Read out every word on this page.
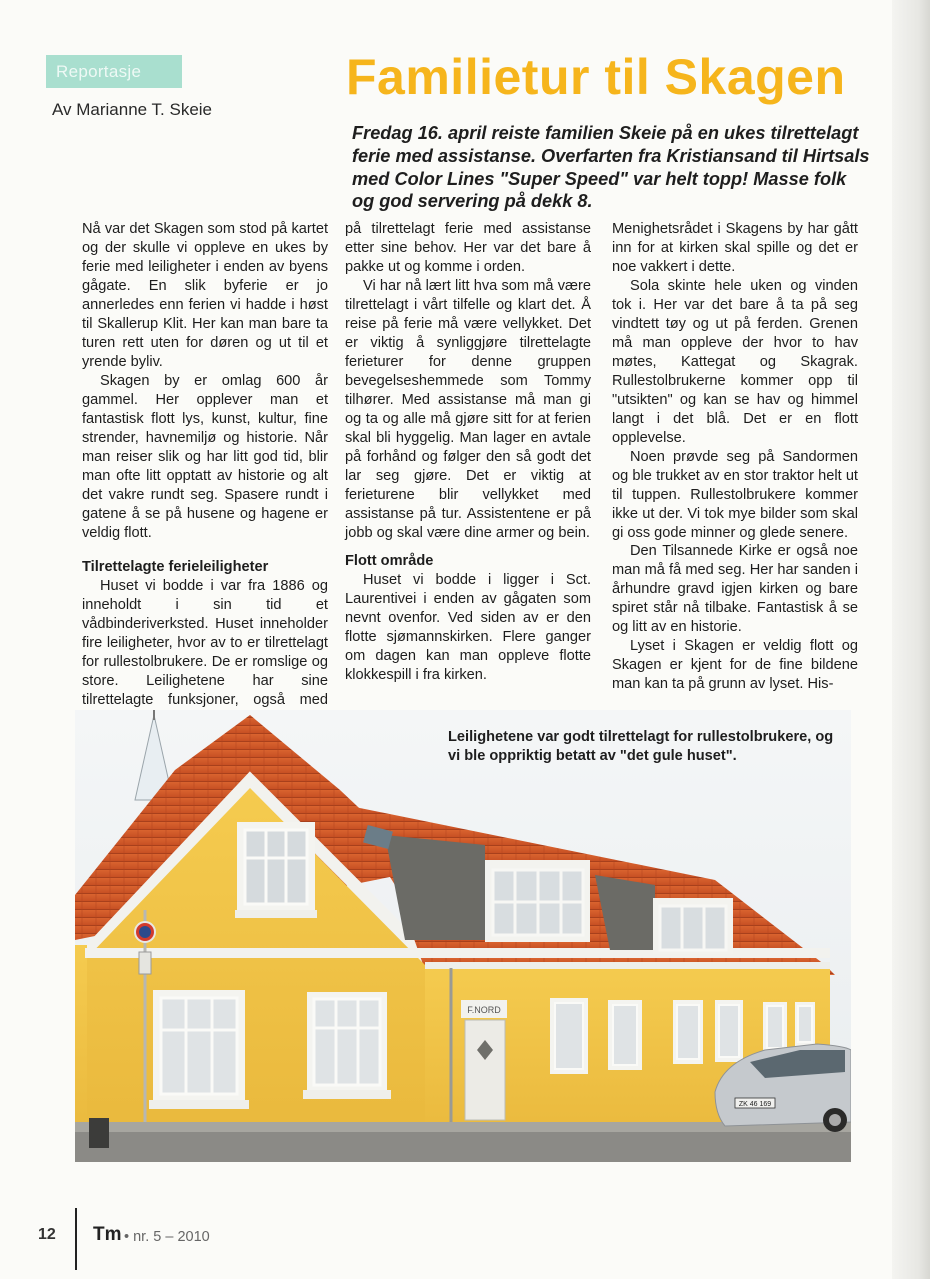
Reportasje
Av Marianne T. Skeie
Familietur til Skagen

Fredag 16. april reiste familien Skeie på en ukes tilrettelagt ferie med assistanse. Overfarten fra Kristiansand til Hirtsals med Color Lines "Super Speed" var helt topp! Masse folk og god servering på dekk 8.

Nå var det Skagen som stod på kartet og der skulle vi oppleve en ukes by ferie med leiligheter i enden av byens gågate. En slik byferie er jo annerledes enn ferien vi hadde i høst til Skallerup Klit. Her kan man bare ta turen rett uten for døren og ut til et yrende byliv.

Skagen by er omlag 600 år gammel. Her opplever man et fantastisk flott lys, kunst, kultur, fine strender, havnemiljø og historie. Når man reiser slik og har litt god tid, blir man ofte litt opptatt av historie og alt det vakre rundt seg. Spasere rundt i gatene å se på husene og hagene er veldig flott.

Tilrettelagte ferieleiligheter

Huset vi bodde i var fra 1886 og inneholdt i sin tid et vådbinderiverksted. Huset inneholder fire leiligheter, hvor av to er tilrettelagt for rullestolbrukere. De er romslige og store. Leilighetene har sine tilrettelagte funksjoner, også med

på tilrettelagt ferie med assistanse etter sine behov. Her var det bare å pakke ut og komme i orden.

Vi har nå lært litt hva som må være tilrettelagt i vårt tilfelle og klart det. Å reise på ferie må være vellykket. Det er viktig å synliggjøre tilrettelagte ferieturer for denne gruppen bevegelseshemmede som Tommy tilhører. Med assistanse må man gi og ta og alle må gjøre sitt for at ferien skal bli hyggelig. Man lager en avtale på forhånd og følger den så godt det lar seg gjøre. Det er viktig at ferieturene blir vellykket med assistanse på tur. Assistentene er på jobb og skal være dine armer og bein.

Flott område

Huset vi bodde i ligger i Sct. Laurentivei i enden av gågaten som nevnt ovenfor. Ved siden av er den flotte sjømannskirken. Flere ganger om dagen kan man oppleve flotte klokkespill i fra kirken.

Menighetsrådet i Skagens by har gått inn for at kirken skal spille og det er noe vakkert i dette.

Sola skinte hele uken og vinden tok i. Her var det bare å ta på seg vindtett tøy og ut på ferden. Grenen må man oppleve der hvor to hav møtes, Kattegat og Skagrak. Rullestolbrukerne kommer opp til "utsikten" og kan se hav og himmel langt i det blå. Det er en flott opplevelse.

Noen prøvde seg på Sandormen og ble trukket av en stor traktor helt ut til tuppen. Rullestolbrukere kommer ikke ut der. Vi tok mye bilder som skal gi oss gode minner og glede senere.

Den Tilsannede Kirke er også noe man må få med seg. Her har sanden i århundre gravd igjen kirken og bare spiret står nå tilbake. Fantastisk å se og litt av en historie.

Lyset i Skagen er veldig flott og Skagen er kjent for de fine bildene man kan ta på grunn av lyset. His-

F.NORD
ZK 46 169
Leilighetene var godt tilrettelagt for rullestolbrukere, og vi ble oppriktig betatt av "det gule huset".
12 Tm • nr. 5 – 2010
